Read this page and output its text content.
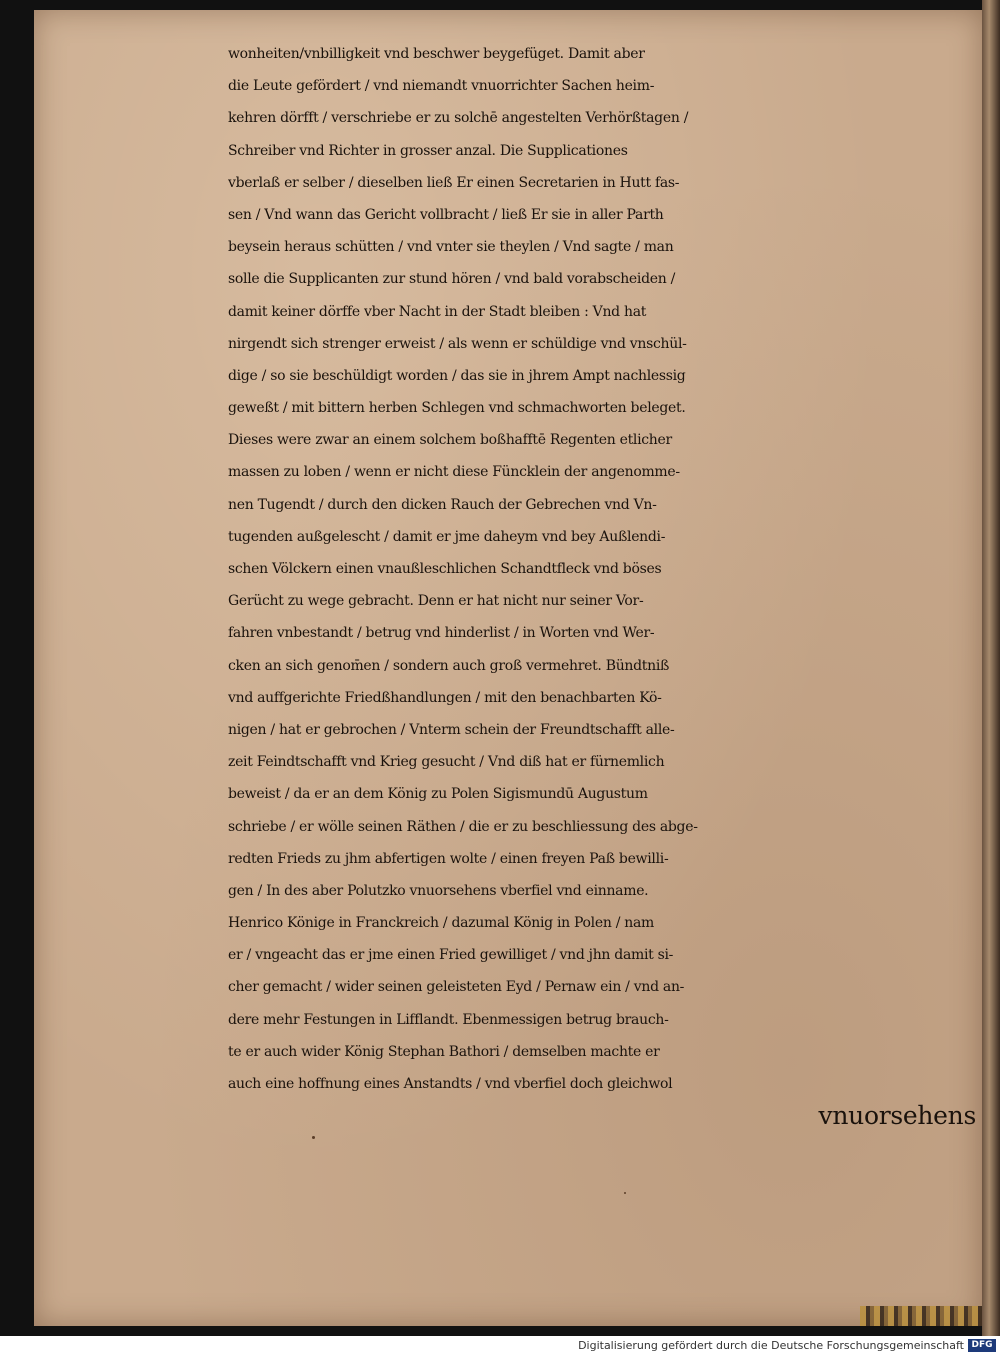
wonheiten/vnbilligkeit vnd beschwer beygefüget. Damit aber
die Leute gefördert / vnd niemandt vnuorrichter Sachen heim-
kehren dörfft / verschriebe er zu solchē angestelten Verhörßtagen /
Schreiber vnd Richter in grosser anzal. Die Supplicationes
vberlaß er selber / dieselben ließ Er einen Secretarien in Hutt fas-
sen / Vnd wann das Gericht vollbracht / ließ Er sie in aller Parth
beysein heraus schütten / vnd vnter sie theylen / Vnd sagte / man
solle die Supplicanten zur stund hören / vnd bald vorabscheiden /
damit keiner dörffe vber Nacht in der Stadt bleiben : Vnd hat
nirgendt sich strenger erweist / als wenn er schüldige vnd vnschül-
dige / so sie beschüldigt worden / das sie in jhrem Ampt nachlessig
geweßt / mit bittern herben Schlegen vnd schmachworten beleget.
Dieses were zwar an einem solchem boßhafftē Regenten etlicher
massen zu loben / wenn er nicht diese Füncklein der angenomme-
nen Tugendt / durch den dicken Rauch der Gebrechen vnd Vn-
tugenden außgelescht / damit er jme daheym vnd bey Außlendi-
schen Völckern einen vnaußleschlichen Schandtfleck vnd böses
Gerücht zu wege gebracht. Denn er hat nicht nur seiner Vor-
fahren vnbestandt / betrug vnd hinderlist / in Worten vnd Wer-
cken an sich genom̄en / sondern auch groß vermehret. Bündtniß
vnd auffgerichte Friedßhandlungen / mit den benachbarten Kö-
nigen / hat er gebrochen / Vnterm schein der Freundtschafft alle-
zeit Feindtschafft vnd Krieg gesucht / Vnd diß hat er fürnemlich
beweist / da er an dem König zu Polen Sigismundū Augustum
schriebe / er wölle seinen Räthen / die er zu beschliessung des abge-
redten Frieds zu jhm abfertigen wolte / einen freyen Paß bewilli-
gen / In des aber Polutzko vnuorsehens vberfiel vnd einname.
Henrico Könige in Franckreich / dazumal König in Polen / nam
er / vngeacht das er jme einen Fried gewilliget / vnd jhn damit si-
cher gemacht / wider seinen geleisteten Eyd / Pernaw ein / vnd an-
dere mehr Festungen in Lifflandt. Ebenmessigen betrug brauch-
te er auch wider König Stephan Bathori / demselben machte er
auch eine hoffnung eines Anstandts / vnd vberfiel doch gleichwol
vnuorsehens
Digitalisierung gefördert durch die Deutsche Forschungsgemeinschaft DFG
